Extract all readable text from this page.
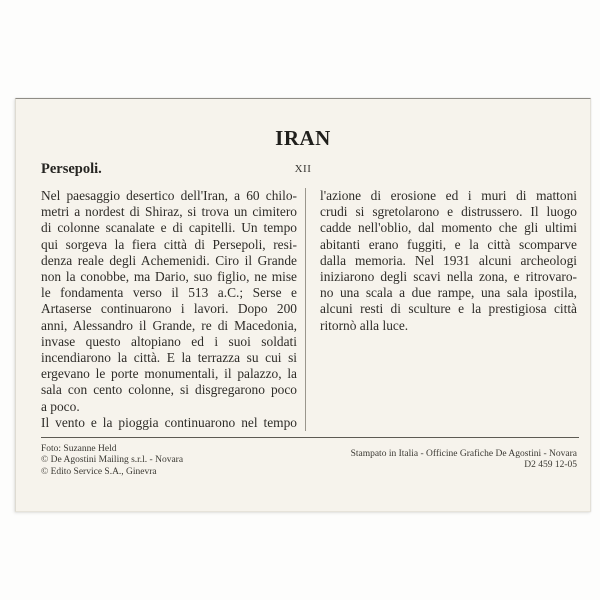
IRAN
XII
Persepoli.
Nel paesaggio desertico dell'Iran, a 60 chilo-
metri a nordest di Shiraz, si trova un cimitero
di colonne scanalate e di capitelli. Un tempo
qui sorgeva la fiera città di Persepoli, resi-
denza reale degli Achemenidi. Ciro il Grande
non la conobbe, ma Dario, suo figlio, ne mise
le fondamenta verso il 513 a.C.; Serse e
Artaserse continuarono i lavori. Dopo 200
anni, Alessandro il Grande, re di Macedonia,
invase questo altopiano ed i suoi soldati
incendiarono la città. E la terrazza su cui si
ergevano le porte monumentali, il palazzo, la
sala con cento colonne, si disgregarono poco
a poco.
Il vento e la pioggia continuarono nel tempo
l'azione di erosione ed i muri di mattoni
crudi si sgretolarono e distrussero. Il luogo
cadde nell'oblio, dal momento che gli ultimi
abitanti erano fuggiti, e la città scomparve
dalla memoria. Nel 1931 alcuni archeologi
iniziarono degli scavi nella zona, e ritrovaro-
no una scala a due rampe, una sala ipostila,
alcuni resti di sculture e la prestigiosa città
ritornò alla luce.
Foto: Suzanne Held
© De Agostini Mailing s.r.l. - Novara
© Edito Service S.A., Ginevra
Stampato in Italia - Officine Grafiche De Agostini - Novara
D2 459 12-05
